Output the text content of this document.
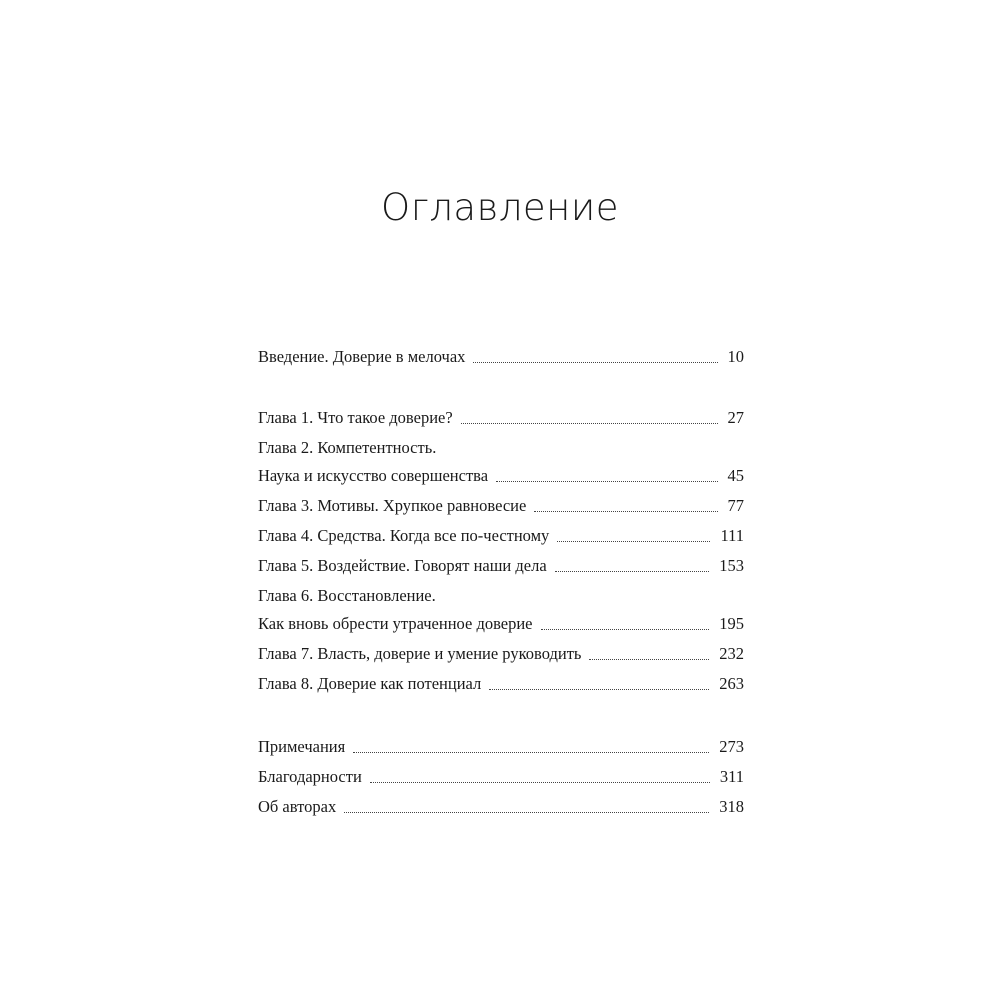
Оглавление
Введение. Доверие в мелочах	10
Глава 1. Что такое доверие?	27
Глава 2. Компетентность.
Наука и искусство совершенства	45
Глава 3. Мотивы. Хрупкое равновесие	77
Глава 4. Средства. Когда все по-честному	111
Глава 5. Воздействие. Говорят наши дела	153
Глава 6. Восстановление.
Как вновь обрести утраченное доверие	195
Глава 7. Власть, доверие и умение руководить	232
Глава 8. Доверие как потенциал	263
Примечания	273
Благодарности	311
Об авторах	318
